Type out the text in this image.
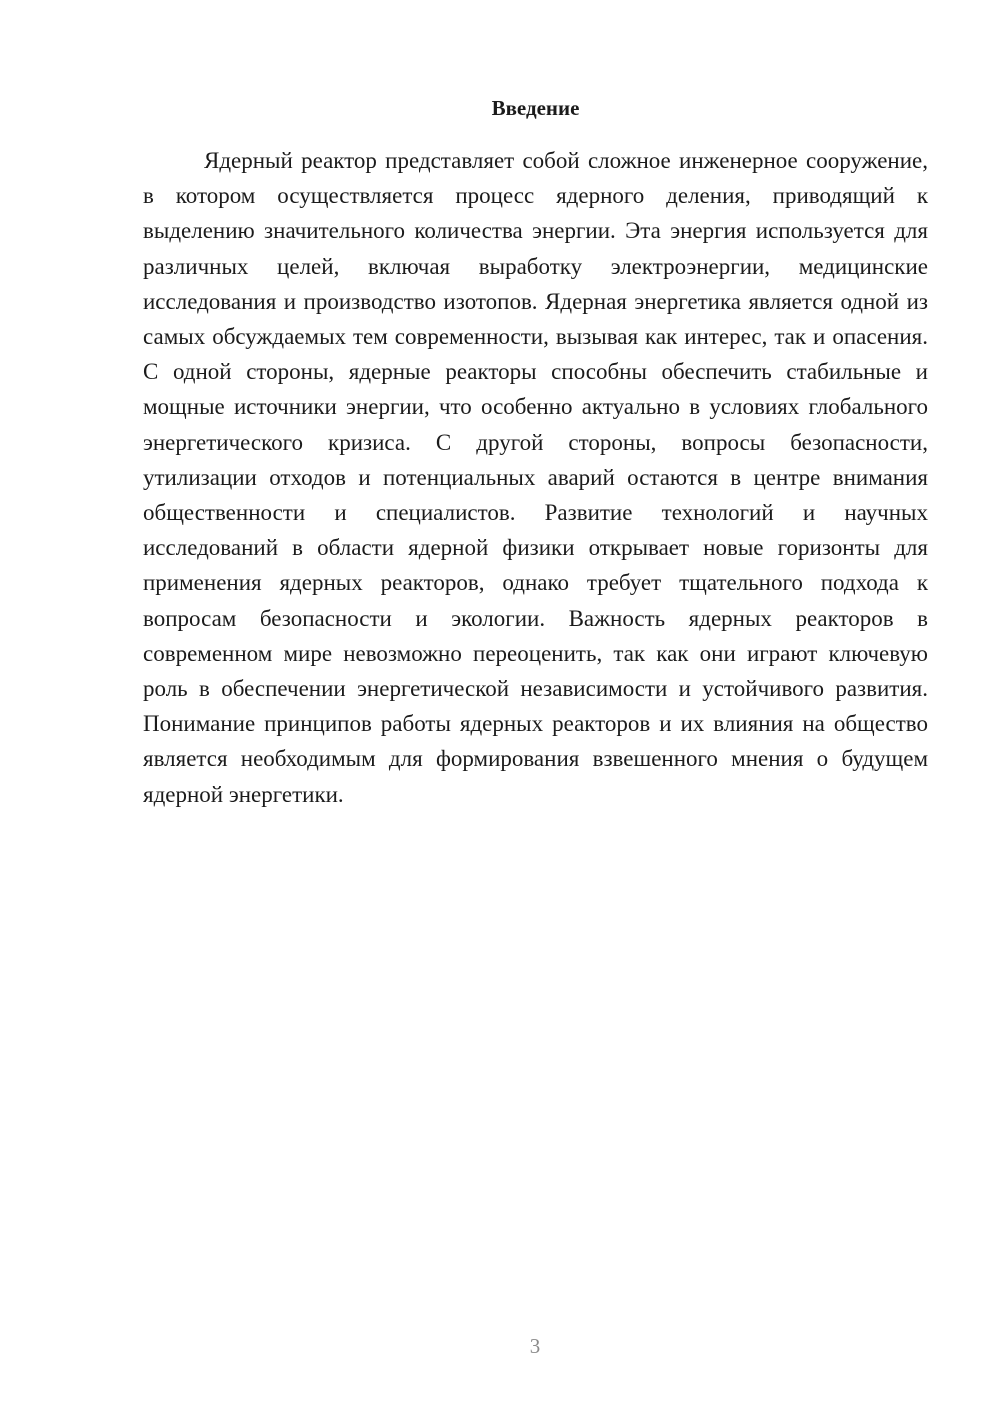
Введение

Ядерный реактор представляет собой сложное инженерное сооружение, в котором осуществляется процесс ядерного деления, приводящий к выделению значительного количества энергии. Эта энергия используется для различных целей, включая выработку электроэнергии, медицинские исследования и производство изотопов. Ядерная энергетика является одной из самых обсуждаемых тем современности, вызывая как интерес, так и опасения. С одной стороны, ядерные реакторы способны обеспечить стабильные и мощные источники энергии, что особенно актуально в условиях глобального энергетического кризиса. С другой стороны, вопросы безопасности, утилизации отходов и потенциальных аварий остаются в центре внимания общественности и специалистов. Развитие технологий и научных исследований в области ядерной физики открывает новые горизонты для применения ядерных реакторов, однако требует тщательного подхода к вопросам безопасности и экологии. Важность ядерных реакторов в современном мире невозможно переоценить, так как они играют ключевую роль в обеспечении энергетической независимости и устойчивого развития. Понимание принципов работы ядерных реакторов и их влияния на общество является необходимым для формирования взвешенного мнения о будущем ядерной энергетики.

3
